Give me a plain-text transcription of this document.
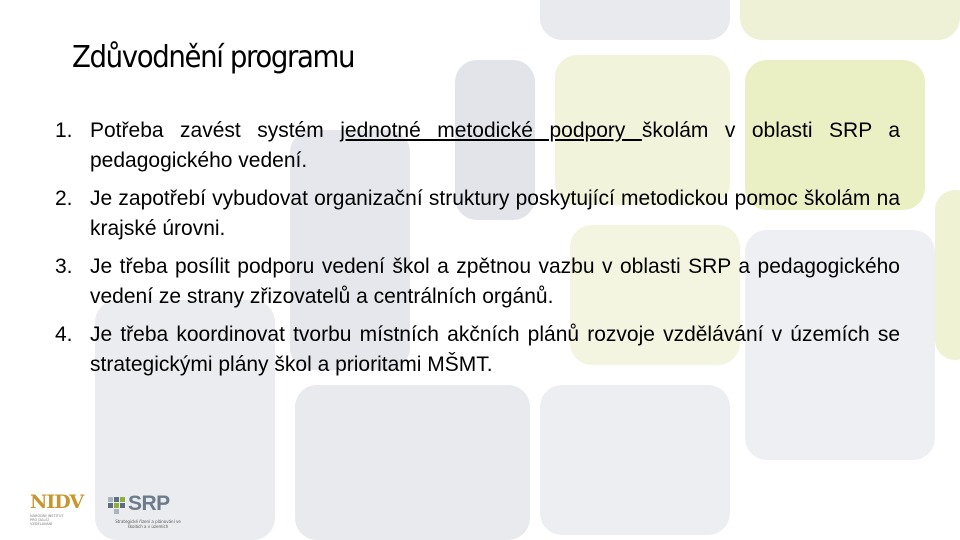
Zdůvodnění programu
1. Potřeba zavést systém jednotné metodické podpory školám v oblasti SRP a pedagogického vedení.
2. Je zapotřebí vybudovat organizační struktury poskytující metodickou pomoc školám na krajské úrovni.
3. Je třeba posílit podporu vedení škol a zpětnou vazbu v oblasti SRP a pedagogického vedení ze strany zřizovatelů a centrálních orgánů.
4. Je třeba koordinovat tvorbu místních akčních plánů rozvoje vzdělávání v územích se strategickými plány škol a prioritami MŠMT.
NIDV
NÁRODNÍ INSTITUT PRO DALŠÍ VZDĚLÁVÁNÍ
SRP
Strategické řízení a plánování ve školách a v územích
